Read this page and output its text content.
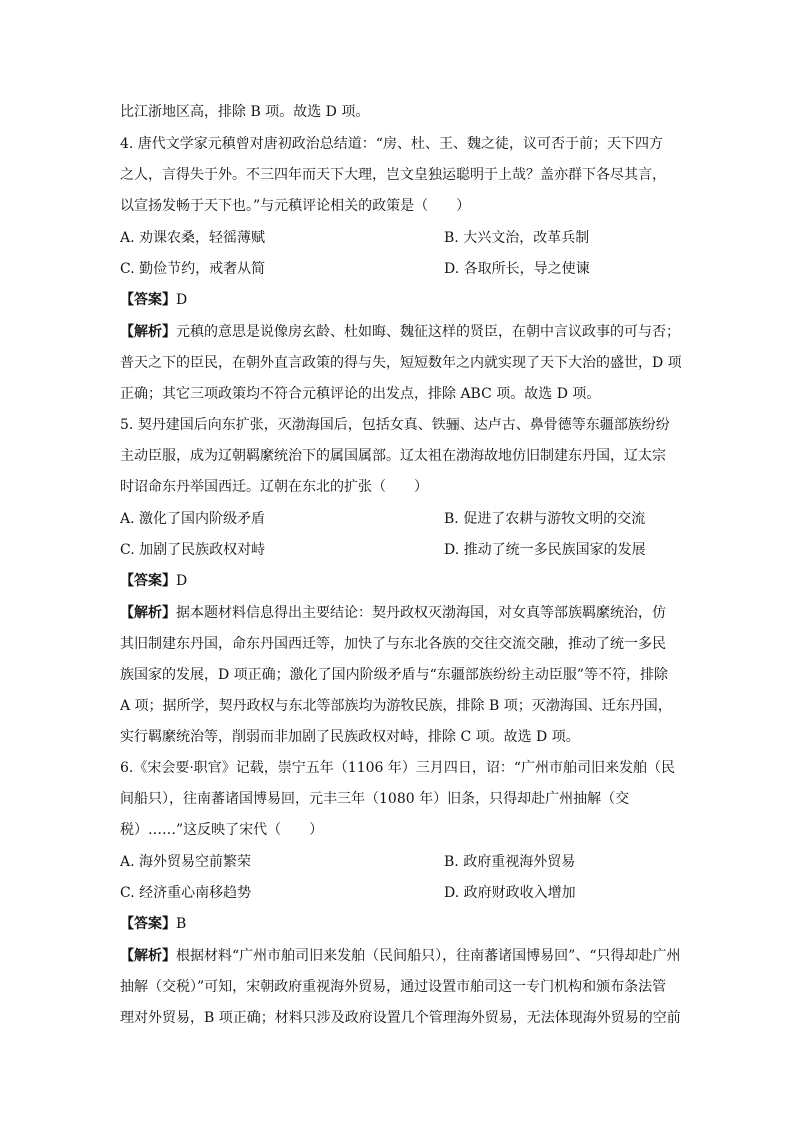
比江浙地区高，排除 B 项。故选 D 项。
4. 唐代文学家元稹曾对唐初政治总结道：“房、杜、王、魏之徒，议可否于前；天下四方
之人，言得失于外。不三四年而天下大理，岂文皇独运聪明于上哉？盖亦群下各尽其言，
以宣扬发畅于天下也。”与元稹评论相关的政策是（　　）
A. 劝课农桑，轻徭薄赋	B. 大兴文治，改革兵制
C. 勤俭节约，戒奢从简	D. 各取所长，导之使谏
【答案】D
【解析】元稹的意思是说像房玄龄、杜如晦、魏征这样的贤臣，在朝中言议政事的可与否；
普天之下的臣民，在朝外直言政策的得与失，短短数年之内就实现了天下大治的盛世，D 项
正确；其它三项政策均不符合元稹评论的出发点，排除 ABC 项。故选 D 项。
5. 契丹建国后向东扩张，灭渤海国后，包括女真、铁骊、达卢古、鼻骨德等东疆部族纷纷
主动臣服，成为辽朝羁縻统治下的属国属部。辽太祖在渤海故地仿旧制建东丹国，辽太宗
时诏命东丹举国西迁。辽朝在东北的扩张（　　）
A. 激化了国内阶级矛盾	B. 促进了农耕与游牧文明的交流
C. 加剧了民族政权对峙	D. 推动了统一多民族国家的发展
【答案】D
【解析】据本题材料信息得出主要结论：契丹政权灭渤海国，对女真等部族羁縻统治，仿
其旧制建东丹国，命东丹国西迁等，加快了与东北各族的交往交流交融，推动了统一多民
族国家的发展，D 项正确；激化了国内阶级矛盾与“东疆部族纷纷主动臣服”等不符，排除
A 项；据所学，契丹政权与东北等部族均为游牧民族，排除 B 项；灭渤海国、迁东丹国，
实行羁縻统治等，削弱而非加剧了民族政权对峙，排除 C 项。故选 D 项。
6.《宋会要·职官》记载，崇宁五年（1106 年）三月四日，诏：“广州市舶司旧来发舶（民
间船只），往南蕃诸国博易回，元丰三年（1080 年）旧条，只得却赴广州抽解（交
税）……”这反映了宋代（　　）
A. 海外贸易空前繁荣	B. 政府重视海外贸易
C. 经济重心南移趋势	D. 政府财政收入增加
【答案】B
【解析】根据材料“广州市舶司旧来发舶（民间船只），往南蕃诸国博易回”、“只得却赴广州
抽解（交税）”可知，宋朝政府重视海外贸易，通过设置市舶司这一专门机构和颁布条法管
理对外贸易，B 项正确；材料只涉及政府设置几个管理海外贸易，无法体现海外贸易的空前
